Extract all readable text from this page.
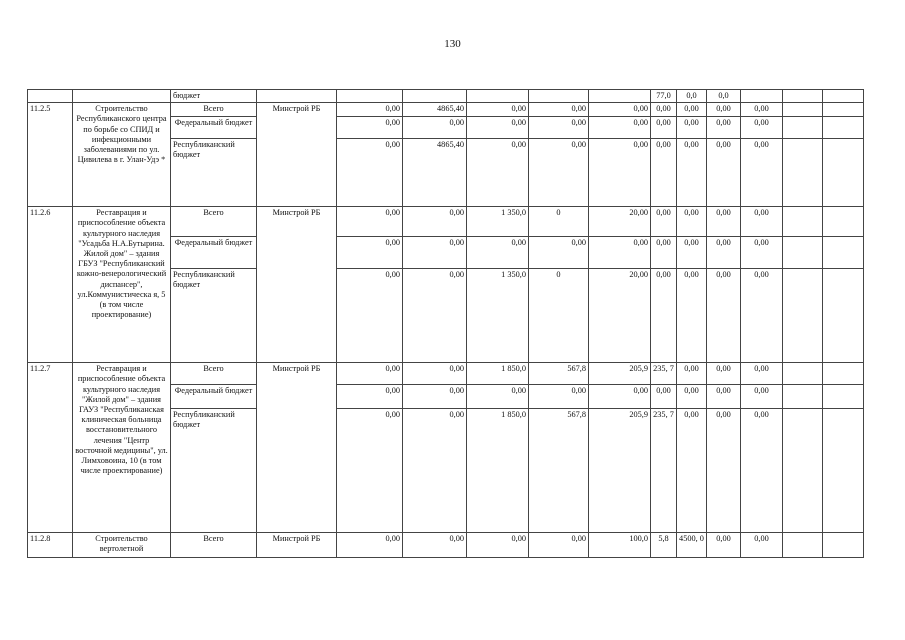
130
		бюджет							77,0	0,0	0,0			
11.2.5	Строительство Республиканского центра по борьбе со СПИД и инфекционными заболеваниями по ул. Цивилева в г. Улан-Удэ *	Всего	Минстрой РБ	0,00	4865,40	0,00	0,00	0,00	0,00	0,00	0,00	0,00		
		Федеральный бюджет		0,00	0,00	0,00	0,00	0,00	0,00	0,00	0,00	0,00		
		Республиканский бюджет		0,00	4865,40	0,00	0,00	0,00	0,00	0,00	0,00	0,00		
11.2.6	Реставрация и приспособление объекта культурного наследия "Усадьба Н.А.Бутырина. Жилой дом" – здания ГБУЗ "Республиканский кожно-венерологический диспансер", ул.Коммунистическа я, 5 (в том числе проектирование)	Всего	Минстрой РБ	0,00	0,00	1 350,0	0	20,00	0,00	0,00	0,00	0,00		
		Федеральный бюджет		0,00	0,00	0,00	0,00	0,00	0,00	0,00	0,00	0,00		
		Республиканский бюджет		0,00	0,00	1 350,0	0	20,00	0,00	0,00	0,00	0,00		
11.2.7	Реставрация и приспособление объекта культурного наследия "Жилой дом" – здания ГАУЗ "Республиканская клиническая больница восстановительного лечения "Центр восточной медицины", ул. Лимховоина, 10 (в том числе проектирование)	Всего	Минстрой РБ	0,00	0,00	1 850,0	567,8	205,9	235, 7	0,00	0,00	0,00		
		Федеральный бюджет		0,00	0,00	0,00	0,00	0,00	0,00	0,00	0,00	0,00		
		Республиканский бюджет		0,00	0,00	1 850,0	567,8	205,9	235, 7	0,00	0,00	0,00		
11.2.8	Строительство вертолетной	Всего	Минстрой РБ	0,00	0,00	0,00	0,00	100,0	5,8	4500, 0	0,00	0,00		
